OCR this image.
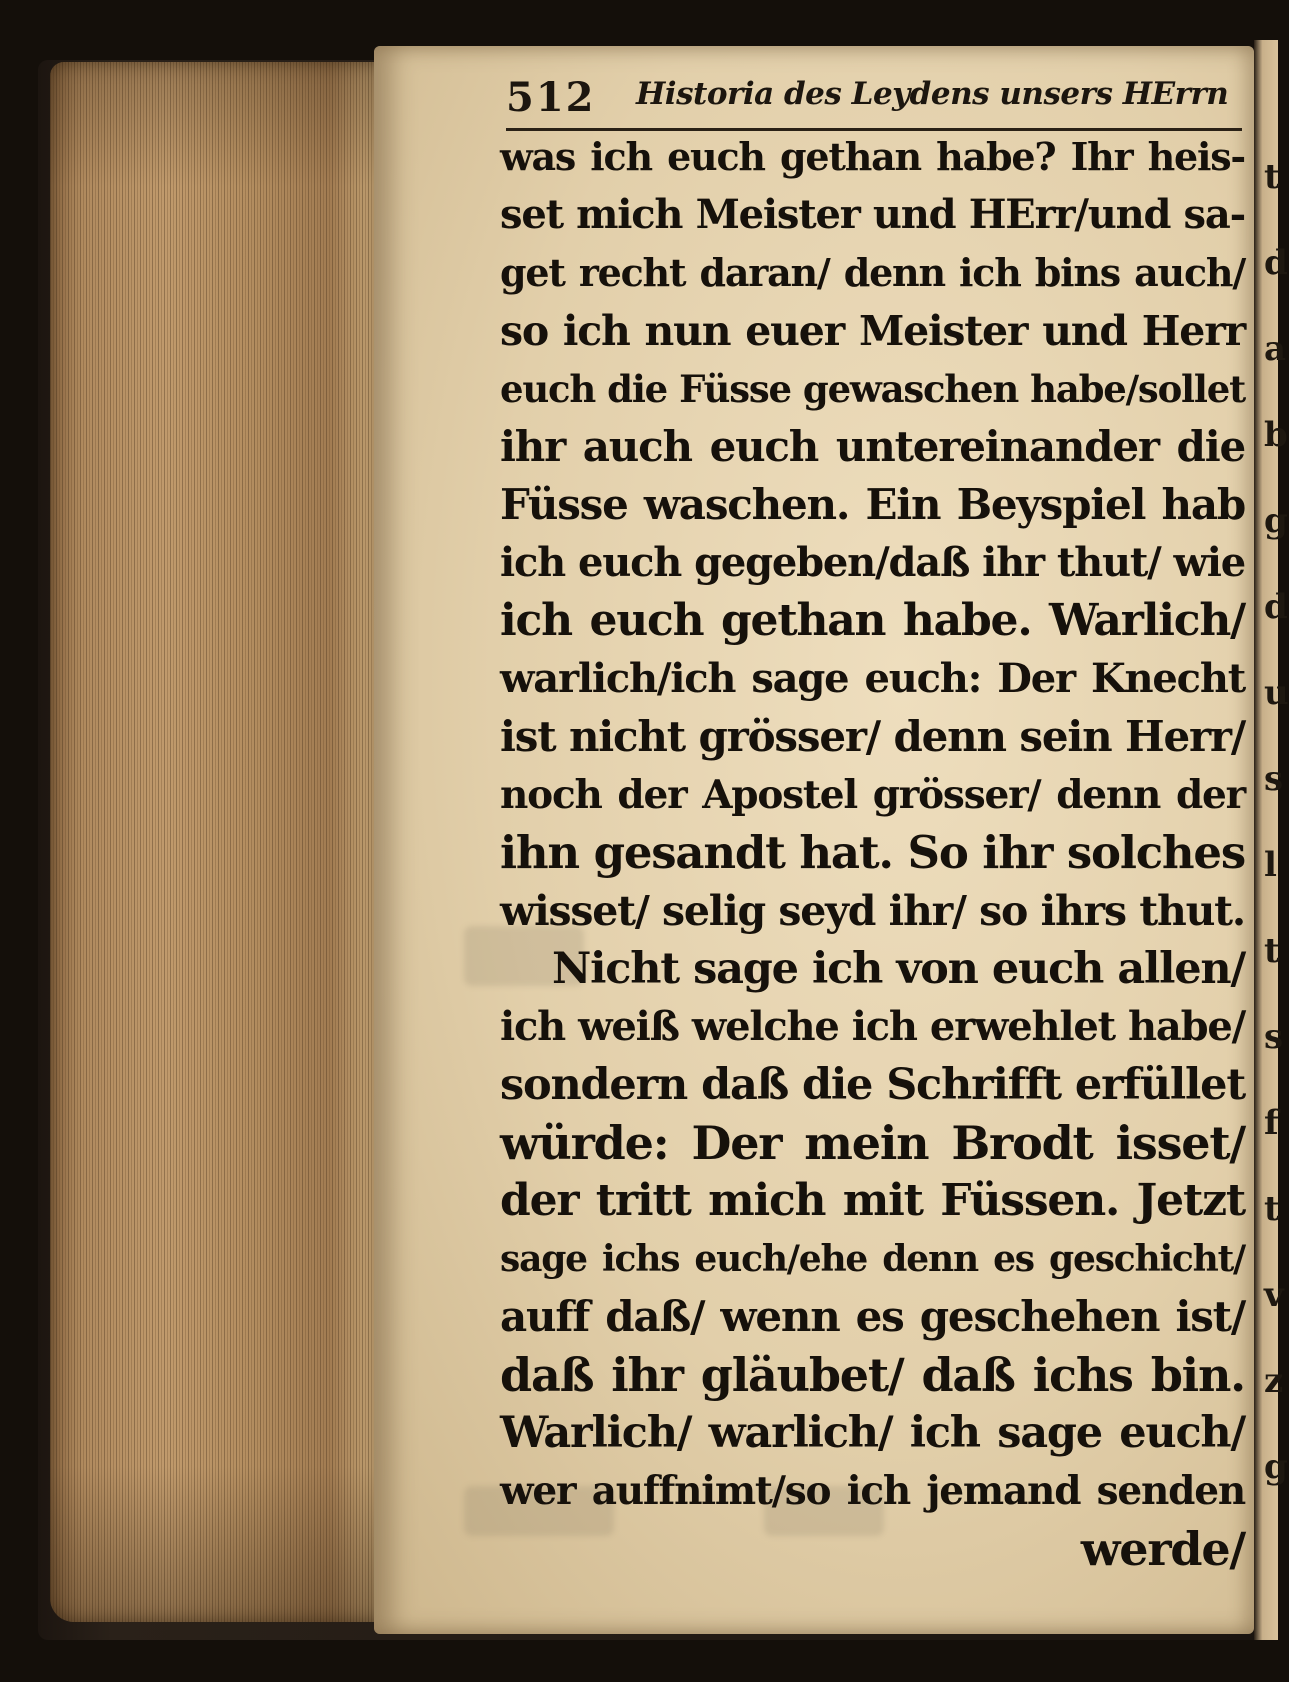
t
d
a
b
g
d
u
s
l
t
s
f
t
v
z
g
512 Historia des Leydens unsers HErrn
was ich euch gethan habe? Ihr heis-
set mich Meister und HErr/und sa-
get recht daran/ denn ich bins auch/
so ich nun euer Meister und Herr
euch die Füsse gewaschen habe/sollet
ihr auch euch untereinander die
Füsse waschen. Ein Beyspiel hab
ich euch gegeben/daß ihr thut/ wie
ich euch gethan habe. Warlich/
warlich/ich sage euch: Der Knecht
ist nicht grösser/ denn sein Herr/
noch der Apostel grösser/ denn der
ihn gesandt hat. So ihr solches
wisset/ selig seyd ihr/ so ihrs thut.
Nicht sage ich von euch allen/
ich weiß welche ich erwehlet habe/
sondern daß die Schrifft erfüllet
würde: Der mein Brodt isset/
der tritt mich mit Füssen. Jetzt
sage ichs euch/ehe denn es geschicht/
auff daß/ wenn es geschehen ist/
daß ihr gläubet/ daß ichs bin.
Warlich/ warlich/ ich sage euch/
wer auffnimt/so ich jemand senden
werde/
